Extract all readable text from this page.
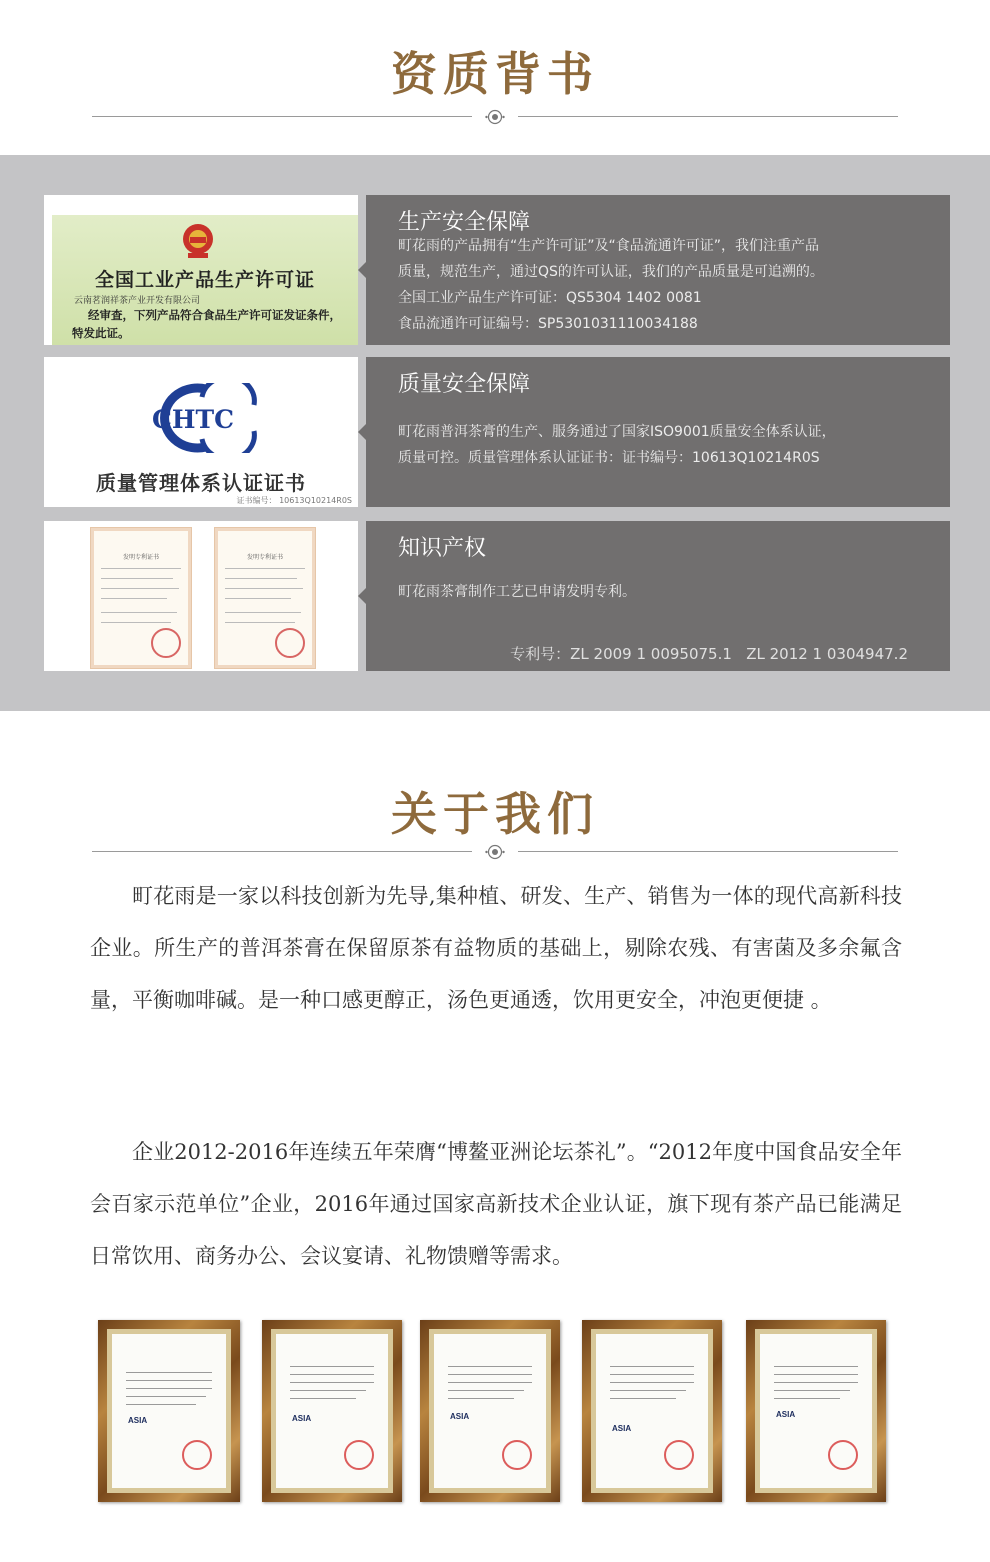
资质背书
全国工业产品生产许可证
云南茗润祥茶产业开发有限公司
经审查，下列产品符合食品生产许可证发证条件，
特发此证。
生产安全保障

町花雨的产品拥有“生产许可证”及“食品流通许可证”，我们注重产品

质量，规范生产，通过QS的许可认证，我们的产品质量是可追溯的。

全国工业产品生产许可证：QS5304 1402 0081

食品流通许可证编号：SP5301031110034188

CHTC
质量管理体系认证证书
证书编号： 10613Q10214R0S
质量安全保障

町花雨普洱茶膏的生产、服务通过了国家ISO9001质量安全体系认证，

质量可控。质量管理体系认证证书：证书编号：10613Q10214R0S

发明专利证书	发明专利证书	知识产权

町花雨茶膏制作工艺已申请发明专利。

专利号：ZL 2009 1 0095075.1   ZL 2012 1 0304947.2
关于我们

町花雨是一家以科技创新为先导,集种植、研发、生产、销售为一体的现代高新科技企业。所生产的普洱茶膏在保留原茶有益物质的基础上，剔除农残、有害菌及多余氟含量，平衡咖啡碱。是一种口感更醇正，汤色更通透，饮用更安全，冲泡更便捷 。

企业2012-2016年连续五年荣膺“博鳌亚洲论坛茶礼”。“2012年度中国食品安全年会百家示范单位”企业，2016年通过国家高新技术企业认证，旗下现有茶产品已能满足日常饮用、商务办公、会议宴请、礼物馈赠等需求。

ASIA	ASIA	ASIA
ASIA
ASIA
